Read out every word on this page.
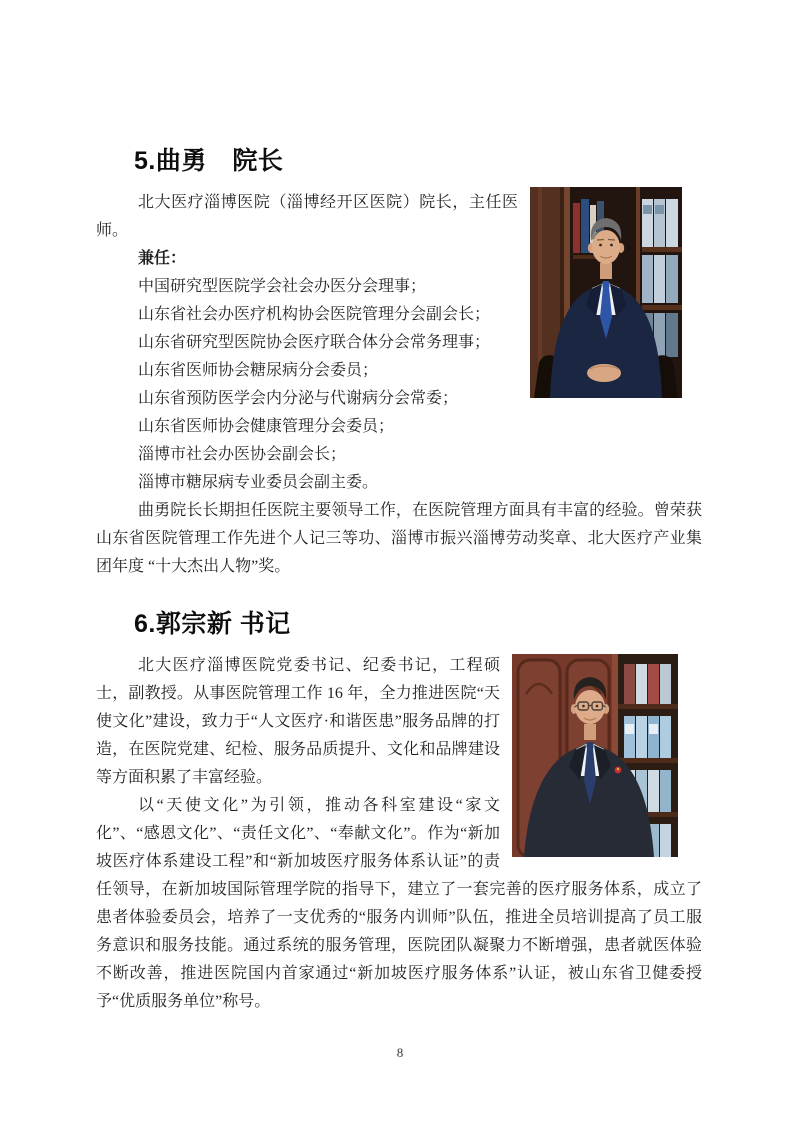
5.曲勇　院长

北大医疗淄博医院（淄博经开区医院）院长，主任医师。

兼任：

中国研究型医院学会社会办医分会理事；

山东省社会办医疗机构协会医院管理分会副会长；

山东省研究型医院协会医疗联合体分会常务理事；

山东省医师协会糖尿病分会委员；

山东省预防医学会内分泌与代谢病分会常委；

山东省医师协会健康管理分会委员；

淄博市社会办医协会副会长；

淄博市糖尿病专业委员会副主委。

曲勇院长长期担任医院主要领导工作，在医院管理方面具有丰富的经验。曾荣获山东省医院管理工作先进个人记三等功、淄博市振兴淄博劳动奖章、北大医疗产业集团年度 “十大杰出人物”奖。

6.郭宗新 书记

北大医疗淄博医院党委书记、纪委书记，工程硕士，副教授。从事医院管理工作 16 年，全力推进医院“天使文化”建设，致力于“人文医疗·和谐医患”服务品牌的打造，在医院党建、纪检、服务品质提升、文化和品牌建设等方面积累了丰富经验。

以“天使文化”为引领，推动各科室建设“家文化”、“感恩文化”、“责任文化”、“奉献文化”。作为“新加坡医疗体系建设工程”和“新加坡医疗服务体系认证”的责任领导，在新加坡国际管理学院的指导下，建立了一套完善的医疗服务体系，成立了患者体验委员会，培养了一支优秀的“服务内训师”队伍，推进全员培训提高了员工服务意识和服务技能。通过系统的服务管理，医院团队凝聚力不断增强，患者就医体验不断改善，推进医院国内首家通过“新加坡医疗服务体系”认证，被山东省卫健委授予“优质服务单位”称号。

8
